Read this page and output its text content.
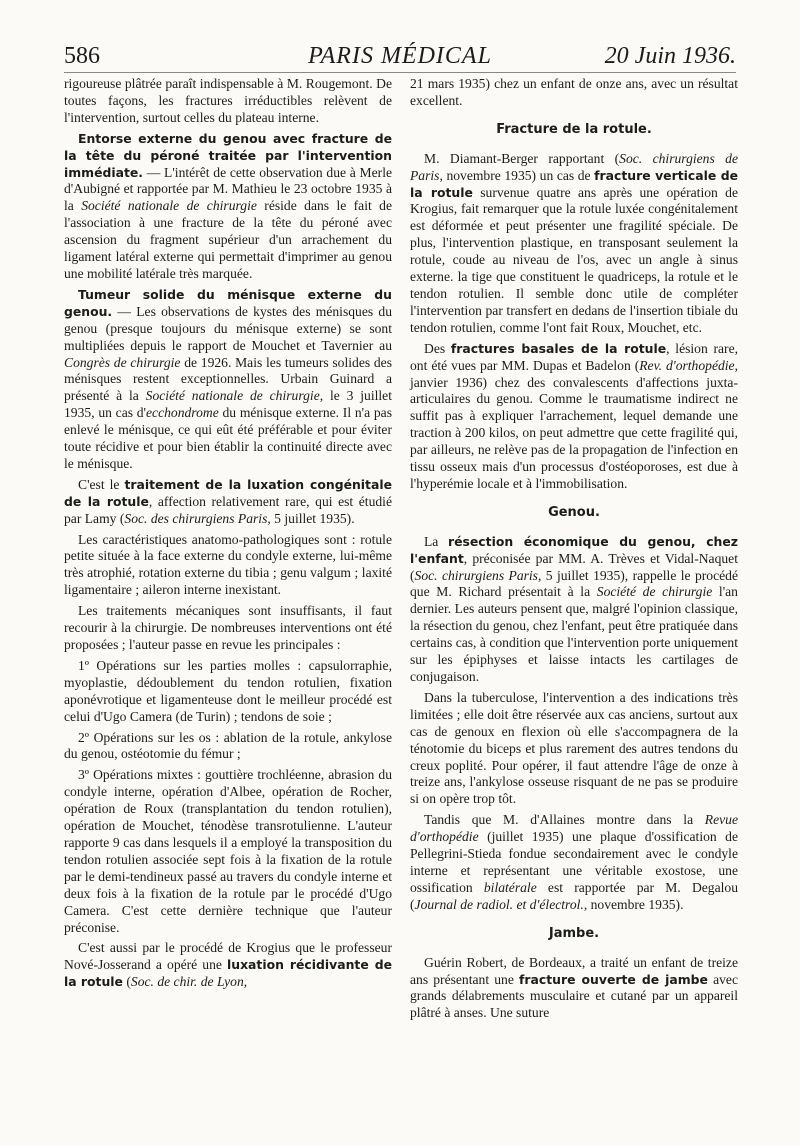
PARIS MÉDICAL
586	20 Juin 1936.

rigoureuse plâtrée paraît indispensable à M. Rougemont. De toutes façons, les fractures irréductibles relèvent de l'intervention, surtout celles du plateau interne.

Entorse externe du genou avec fracture de la tête du péroné traitée par l'intervention immédiate. — L'intérêt de cette observation due à Merle d'Aubigné et rapportée par M. Mathieu le 23 octobre 1935 à la Société nationale de chirurgie réside dans le fait de l'association à une fracture de la tête du péroné avec ascension du fragment supérieur d'un arrachement du ligament latéral externe qui permettait d'imprimer au genou une mobilité latérale très marquée.

Tumeur solide du ménisque externe du genou. — Les observations de kystes des ménisques du genou (presque toujours du ménisque externe) se sont multipliées depuis le rapport de Mouchet et Tavernier au Congrès de chirurgie de 1926. Mais les tumeurs solides des ménisques restent exceptionnelles. Urbain Guinard a présenté à la Société nationale de chirurgie, le 3 juillet 1935, un cas d'ecchondrome du ménisque externe. Il n'a pas enlevé le ménisque, ce qui eût été préférable et pour éviter toute récidive et pour bien établir la continuité directe avec le ménisque.

C'est le traitement de la luxation congénitale de la rotule, affection relativement rare, qui est étudié par Lamy (Soc. des chirurgiens Paris, 5 juillet 1935).

Les caractéristiques anatomo-pathologiques sont : rotule petite située à la face externe du condyle externe, lui-même très atrophié, rotation externe du tibia ; genu valgum ; laxité ligamentaire ; aileron interne inexistant.

Les traitements mécaniques sont insuffisants, il faut recourir à la chirurgie. De nombreuses interventions ont été proposées ; l'auteur passe en revue les principales :

1º Opérations sur les parties molles : capsulorraphie, myoplastie, dédoublement du tendon rotulien, fixation aponévrotique et ligamenteuse dont le meilleur procédé est celui d'Ugo Camera (de Turin) ; tendons de soie ;

2º Opérations sur les os : ablation de la rotule, ankylose du genou, ostéotomie du fémur ;

3º Opérations mixtes : gouttière trochléenne, abrasion du condyle interne, opération d'Albee, opération de Rocher, opération de Roux (transplantation du tendon rotulien), opération de Mouchet, ténodèse transrotulienne. L'auteur rapporte 9 cas dans lesquels il a employé la transposition du tendon rotulien associée sept fois à la fixation de la rotule par le demi-tendineux passé au travers du condyle interne et deux fois à la fixation de la rotule par le procédé d'Ugo Camera. C'est cette dernière technique que l'auteur préconise.

C'est aussi par le procédé de Krogius que le professeur Nové-Josserand a opéré une luxation récidivante de la rotule (Soc. de chir. de Lyon,

21 mars 1935) chez un enfant de onze ans, avec un résultat excellent.

Fracture de la rotule.

M. Diamant-Berger rapportant (Soc. chirurgiens de Paris, novembre 1935) un cas de fracture verticale de la rotule survenue quatre ans après une opération de Krogius, fait remarquer que la rotule luxée congénitalement est déformée et peut présenter une fragilité spéciale. De plus, l'intervention plastique, en transposant seulement la rotule, coude au niveau de l'os, avec un angle à sinus externe. la tige que constituent le quadriceps, la rotule et le tendon rotulien. Il semble donc utile de compléter l'intervention par transfert en dedans de l'insertion tibiale du tendon rotulien, comme l'ont fait Roux, Mouchet, etc.

Des fractures basales de la rotule, lésion rare, ont été vues par MM. Dupas et Badelon (Rev. d'orthopédie, janvier 1936) chez des convalescents d'affections juxta-articulaires du genou. Comme le traumatisme indirect ne suffit pas à expliquer l'arrachement, lequel demande une traction à 200 kilos, on peut admettre que cette fragilité qui, par ailleurs, ne relève pas de la propagation de l'infection en tissu osseux mais d'un processus d'ostéoporoses, est due à l'hyperémie locale et à l'immobilisation.

Genou.

La résection économique du genou, chez l'enfant, préconisée par MM. A. Trèves et Vidal-Naquet (Soc. chirurgiens Paris, 5 juillet 1935), rappelle le procédé que M. Richard présentait à la Société de chirurgie l'an dernier. Les auteurs pensent que, malgré l'opinion classique, la résection du genou, chez l'enfant, peut être pratiquée dans certains cas, à condition que l'intervention porte uniquement sur les épiphyses et laisse intacts les cartilages de conjugaison.

Dans la tuberculose, l'intervention a des indications très limitées ; elle doit être réservée aux cas anciens, surtout aux cas de genoux en flexion où elle s'accompagnera de la ténotomie du biceps et plus rarement des autres tendons du creux poplité. Pour opérer, il faut attendre l'âge de onze à treize ans, l'ankylose osseuse risquant de ne pas se produire si on opère trop tôt.

Tandis que M. d'Allaines montre dans la Revue d'orthopédie (juillet 1935) une plaque d'ossification de Pellegrini-Stieda fondue secondairement avec le condyle interne et représentant une véritable exostose, une ossification bilatérale est rapportée par M. Degalou (Journal de radiol. et d'électrol., novembre 1935).

Jambe.

Guérin Robert, de Bordeaux, a traité un enfant de treize ans présentant une fracture ouverte de jambe avec grands délabrements musculaire et cutané par un appareil plâtré à anses. Une suture
